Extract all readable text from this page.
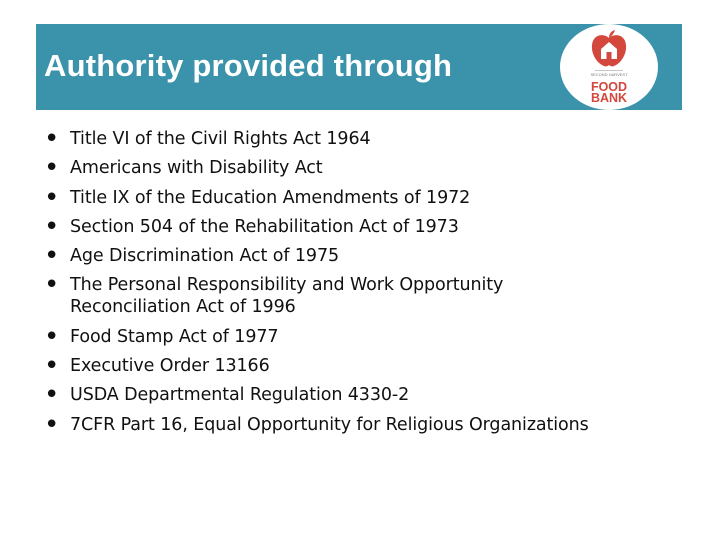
Authority provided through	SECOND HARVEST
FOOD
BANK
• Title VI of the Civil Rights Act 1964
• Americans with Disability Act
• Title IX of the Education Amendments of 1972
• Section 504 of the Rehabilitation Act of 1973
• Age Discrimination Act of 1975
• The Personal Responsibility and Work Opportunity
Reconciliation Act of 1996
• Food Stamp Act of 1977
• Executive Order 13166
• USDA Departmental Regulation 4330-2
• 7CFR Part 16, Equal Opportunity for Religious Organizations
